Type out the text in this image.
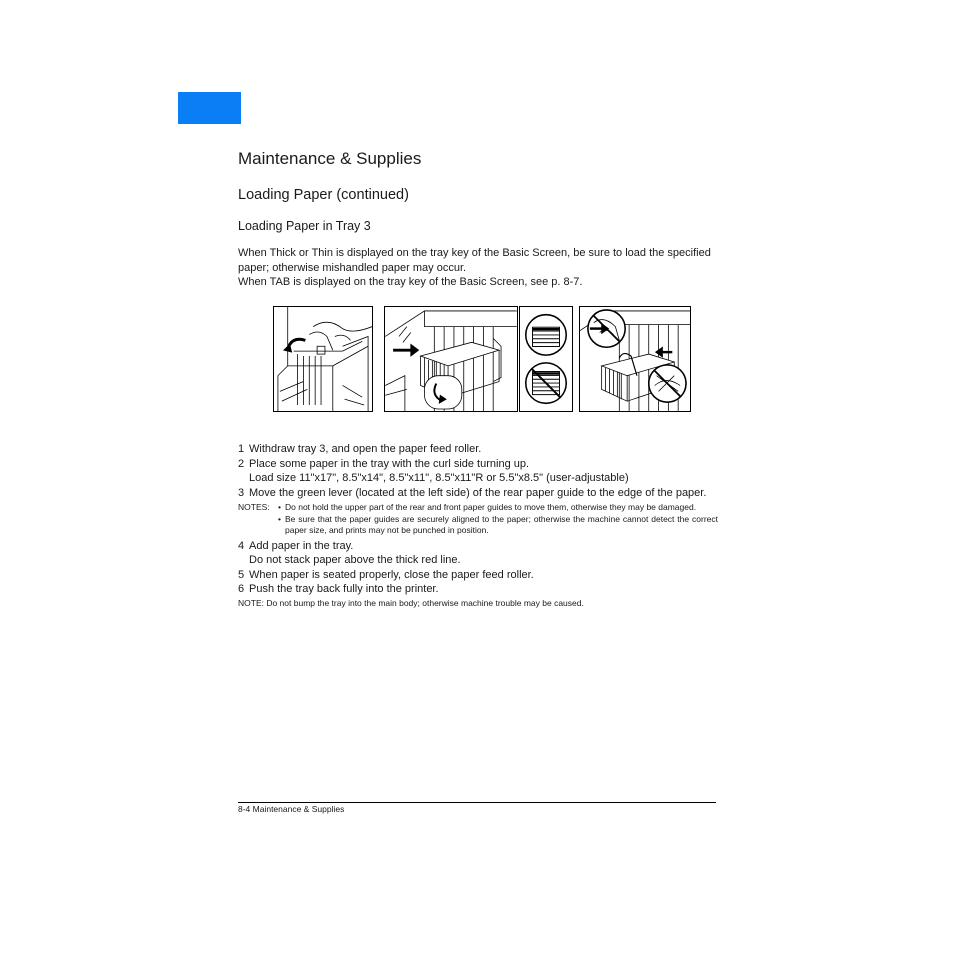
Maintenance & Supplies
Loading Paper (continued)
Loading Paper in Tray 3

When Thick or Thin is displayed on the tray key of the Basic Screen, be sure to load the specified paper; otherwise mishandled paper may occur.

When TAB is displayed on the tray key of the Basic Screen, see p. 8-7.

1 Withdraw tray 3, and open the paper feed roller.
2 Place some paper in the tray with the curl side turning up.
Load size 11"x17", 8.5"x14", 8.5"x11", 8.5"x11"R or 5.5"x8.5" (user-adjustable)
3 Move the green lever (located at the left side) of the rear paper guide to the edge of the paper.
NOTES: • Do not hold the upper part of the rear and front paper guides to move them, otherwise they may be damaged.
• Be sure that the paper guides are securely aligned to the paper; otherwise the machine cannot detect the correct paper size, and prints may not be punched in position.
4 Add paper in the tray.
Do not stack paper above the thick red line.
5 When paper is seated properly, close the paper feed roller.
6 Push the tray back fully into the printer.
NOTE: Do not bump the tray into the main body; otherwise machine trouble may be caused.
8-4 Maintenance & Supplies
